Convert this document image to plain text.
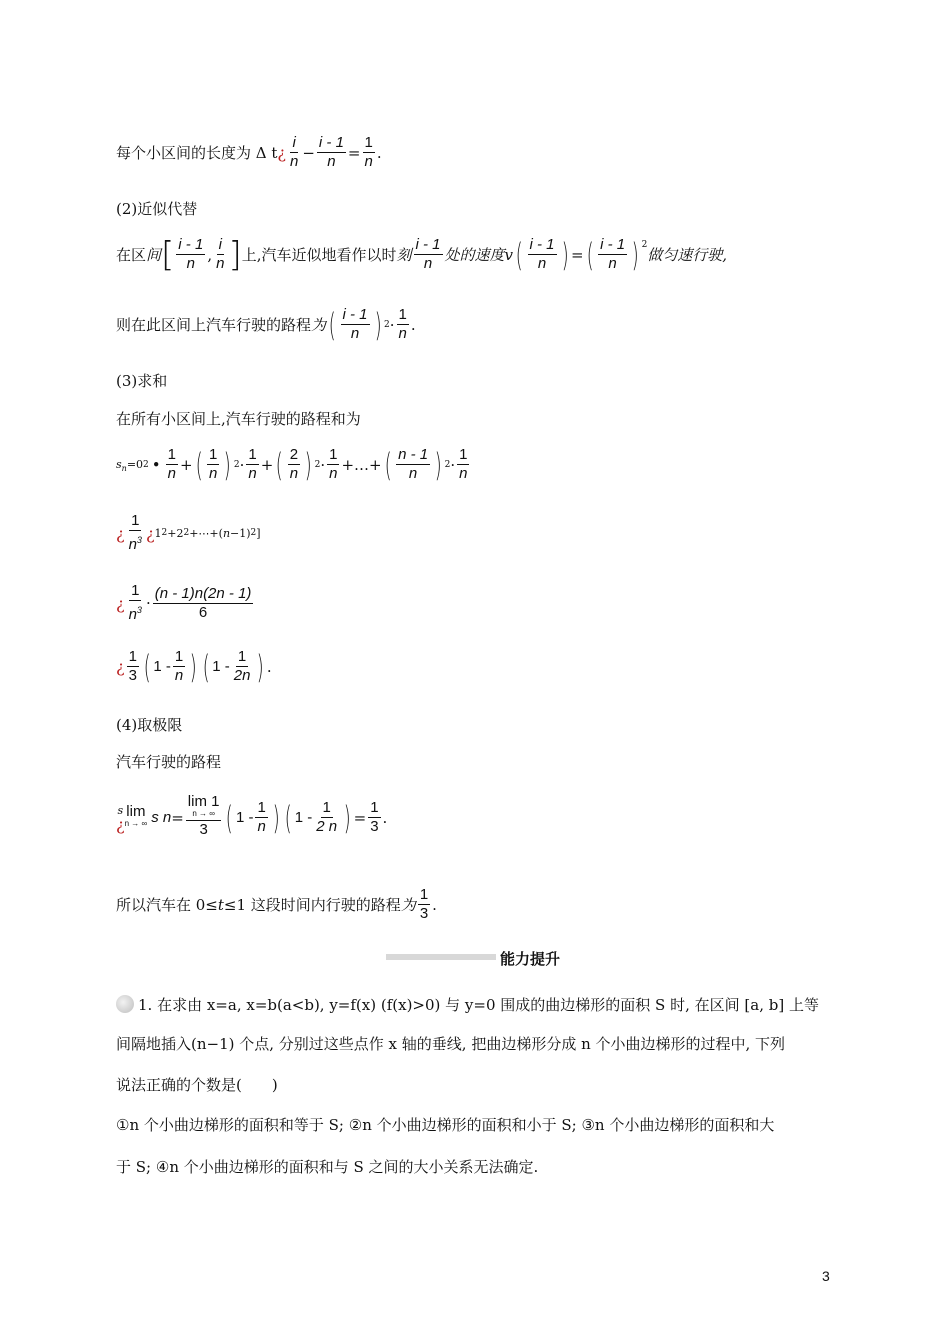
每个小区间的长度为 Δ t ¿ $\frac{i}{n} - \frac{i - 1}{n} = \frac{1}{n}$ .
(2)近似代替
在区 间 [ $\frac{i - 1}{n}$ , $\frac{i}{n}$ ] 上,汽车近似地看作以时 刻 $\frac{i - 1}{n}$ 处的速度 v ( $\frac{i - 1}{n}$ ) = ( $\frac{i - 1}{n}$ ) 2
做匀速行驶,
则在此区间上汽车行驶的路程 为 ( $\frac{i - 1}{n}$ ) $2 \cdot \frac{1}{n}$ .
(3)求和
在所有小区间上,汽车行驶的路程和为
s n =0 2 • $\frac{1}{n}$ + ( $\frac{1}{n}$ ) $2 \cdot \frac{1}{n}$ + ( $\frac{2}{n}$ ) $2 \cdot \frac{1}{n}$ +…+ ( $\frac{n - 1}{n}$ ) $2 \cdot \frac{1}{n}$
¿ $\frac{1}{n^3}$ ¿ 1 2 +2 2 +⋯+( n −1) 2 ]
¿ $\frac{1}{n^3} \cdot \frac{(n - 1)n(2n - 1)}{6}$
¿ $\frac{1}{3}$ ( $1 - \frac{1}{n}$ ) ( $1 - \frac{1}{2n}$ ) .
(4)取极限
汽车行驶的路程
s
¿
lim
n → ∞ s n = lim 1
n → ∞
3 ( $1 - \frac{1}{n}$ ) ( $1 - \frac{1}{2 n}$ ) = $\frac{1}{3}$ .
所以汽车在 0≤ t ≤1 这段时间内行驶的路程 为 $\frac{1}{3}$ .
能力提升
1. 在求由 x=a, x=b(a<b), y=f(x) (f(x)>0) 与 y=0 围成的曲边梯形的面积 S 时, 在区间 [a, b] 上等
间隔地插入(n−1) 个点, 分别过这些点作 x 轴的垂线, 把曲边梯形分成 n 个小曲边梯形的过程中, 下列
说法正确的个数是(　　)
①n 个小曲边梯形的面积和等于 S; ②n 个小曲边梯形的面积和小于 S; ③n 个小曲边梯形的面积和大
于 S; ④n 个小曲边梯形的面积和与 S 之间的大小关系无法确定.
3
